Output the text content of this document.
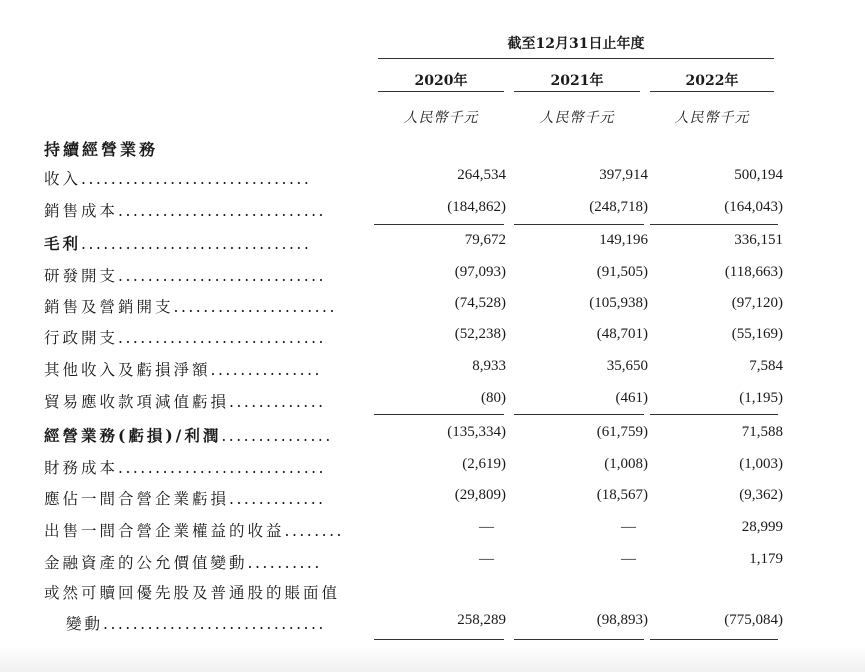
截至12月31日止年度
2020年	2021年	2022年
人民幣千元	人民幣千元	人民幣千元
持續經營業務
收入...............................	264,534	397,914	500,194
銷售成本............................	(184,862)	(248,718)	(164,043)
毛利...............................	79,672	149,196	336,151
研發開支............................	(97,093)	(91,505)	(118,663)
銷售及營銷開支......................	(74,528)	(105,938)	(97,120)
行政開支............................	(52,238)	(48,701)	(55,169)
其他收入及虧損淨額...............	8,933	35,650	7,584
貿易應收款項減值虧損.............	(80)	(461)	(1,195)
經營業務(虧損)/利潤...............	(135,334)	(61,759)	71,588
財務成本............................	(2,619)	(1,008)	(1,003)
應佔一間合營企業虧損.............	(29,809)	(18,567)	(9,362)
出售一間合營企業權益的收益........	—	—	28,999
金融資產的公允價值變動..........	—	—	1,179
或然可贖回優先股及普通股的賬面值
變動..............................	258,289	(98,893)	(775,084)
